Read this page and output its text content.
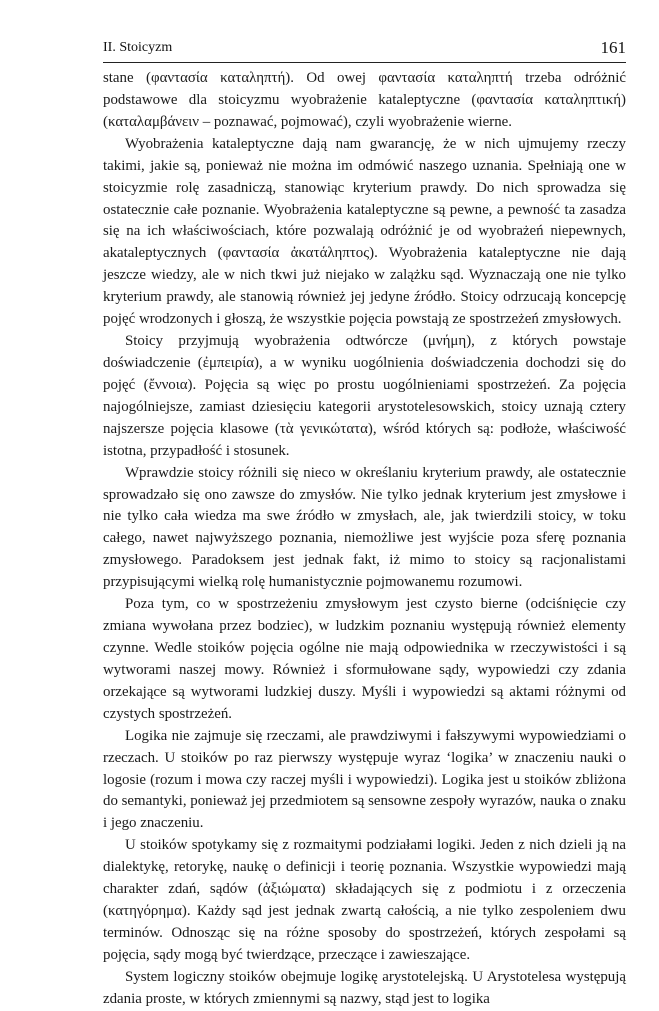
II. Stoicyzm	161

stane (φαντασία καταληπτή). Od owej φαντασία καταληπτή trzeba odróżnić podstawowe dla stoicyzmu wyobrażenie kataleptyczne (φαντασία καταληπτική) (καταλαμβάνειν – poznawać, pojmować), czyli wyobrażenie wierne.

Wyobrażenia kataleptyczne dają nam gwarancję, że w nich ujmujemy rzeczy takimi, jakie są, ponieważ nie można im odmówić naszego uznania. Spełniają one w stoicyzmie rolę zasadniczą, stanowiąc kryterium prawdy. Do nich sprowadza się ostatecznie całe poznanie. Wyobrażenia kataleptyczne są pewne, a pewność ta zasadza się na ich właściwościach, które pozwalają odróżnić je od wyobrażeń niepewnych, akataleptycznych (φαντασία ἀκατάληπτος). Wyobrażenia kataleptyczne nie dają jeszcze wiedzy, ale w nich tkwi już niejako w zalążku sąd. Wyznaczają one nie tylko kryterium prawdy, ale stanowią również jej jedyne źródło. Stoicy odrzucają koncepcję pojęć wrodzonych i głoszą, że wszystkie pojęcia powstają ze spostrzeżeń zmysłowych.

Stoicy przyjmują wyobrażenia odtwórcze (μνήμη), z których powstaje doświadczenie (ἐμπειρία), a w wyniku uogólnienia doświadczenia dochodzi się do pojęć (ἔννοια). Pojęcia są więc po prostu uogólnieniami spostrzeżeń. Za pojęcia najogólniejsze, zamiast dziesięciu kategorii arystotelesowskich, stoicy uznają cztery najszersze pojęcia klasowe (τὰ γενικώτατα), wśród których są: podłoże, właściwość istotna, przypadłość i stosunek.

Wprawdzie stoicy różnili się nieco w określaniu kryterium prawdy, ale ostatecznie sprowadzało się ono zawsze do zmysłów. Nie tylko jednak kryterium jest zmysłowe i nie tylko cała wiedza ma swe źródło w zmysłach, ale, jak twierdzili stoicy, w toku całego, nawet najwyższego poznania, niemożliwe jest wyjście poza sferę poznania zmysłowego. Paradoksem jest jednak fakt, iż mimo to stoicy są racjonalistami przypisującymi wielką rolę humanistycznie pojmowanemu rozumowi.

Poza tym, co w spostrzeżeniu zmysłowym jest czysto bierne (odciśnięcie czy zmiana wywołana przez bodziec), w ludzkim poznaniu występują również elementy czynne. Wedle stoików pojęcia ogólne nie mają odpowiednika w rzeczywistości i są wytworami naszej mowy. Również i sformułowane sądy, wypowiedzi czy zdania orzekające są wytworami ludzkiej duszy. Myśli i wypowiedzi są aktami różnymi od czystych spostrzeżeń.

Logika nie zajmuje się rzeczami, ale prawdziwymi i fałszywymi wypowiedziami o rzeczach. U stoików po raz pierwszy występuje wyraz ‘logika’ w znaczeniu nauki o logosie (rozum i mowa czy raczej myśli i wypowiedzi). Logika jest u stoików zbliżona do semantyki, ponieważ jej przedmiotem są sensowne zespoły wyrazów, nauka o znaku i jego znaczeniu.

U stoików spotykamy się z rozmaitymi podziałami logiki. Jeden z nich dzieli ją na dialektykę, retorykę, naukę o definicji i teorię poznania. Wszystkie wypowiedzi mają charakter zdań, sądów (ἀξιώματα) składających się z podmiotu i z orzeczenia (κατηγόρημα). Każdy sąd jest jednak zwartą całością, a nie tylko zespoleniem dwu terminów. Odnosząc się na różne sposoby do spostrzeżeń, których zespołami są pojęcia, sądy mogą być twierdzące, przeczące i zawieszające.

System logiczny stoików obejmuje logikę arystotelejską. U Arystotelesa występują zdania proste, w których zmiennymi są nazwy, stąd jest to logika
